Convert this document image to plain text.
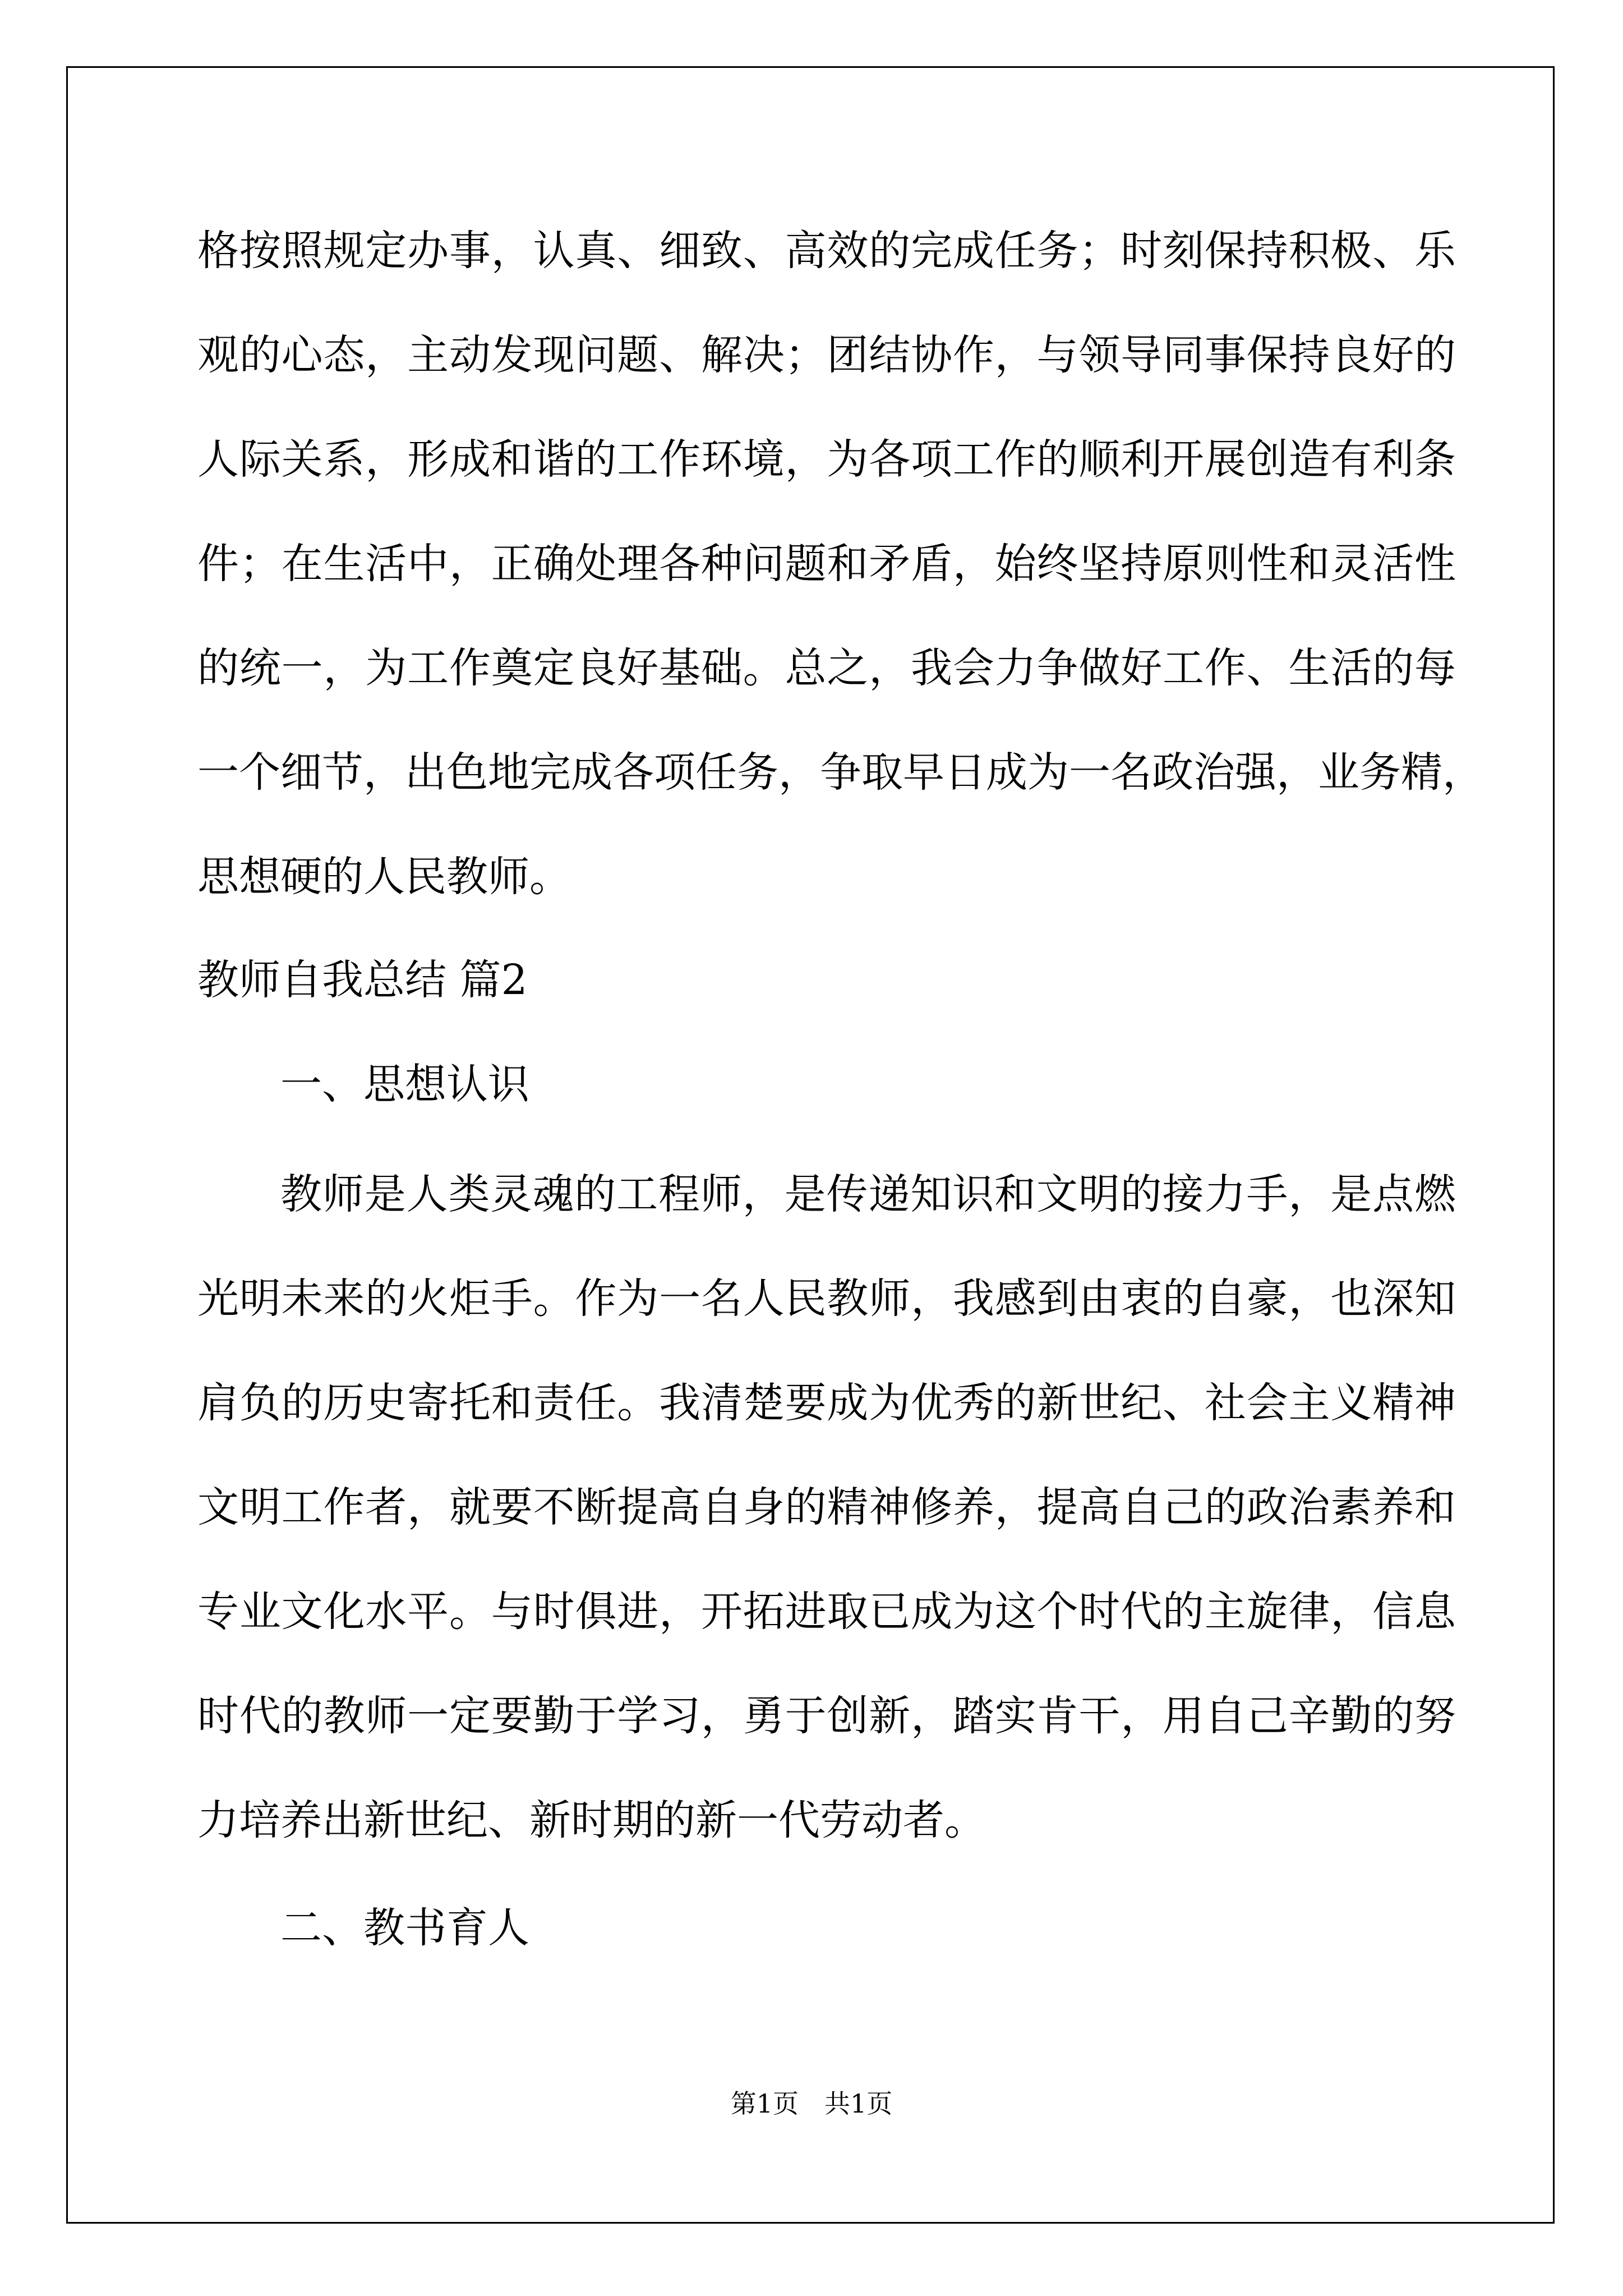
格按照规定办事，认真、细致、高效的完成任务；时刻保持积极、乐

观的心态，主动发现问题、解决；团结协作，与领导同事保持良好的

人际关系，形成和谐的工作环境，为各项工作的顺利开展创造有利条

件；在生活中，正确处理各种问题和矛盾，始终坚持原则性和灵活性

的统一，为工作奠定良好基础。总之，我会力争做好工作、生活的每

一个细节，出色地完成各项任务，争取早日成为一名政治强，业务精，

思想硬的人民教师。

教师自我总结 篇2

一、思想认识

教师是人类灵魂的工程师，是传递知识和文明的接力手，是点燃

光明未来的火炬手。作为一名人民教师，我感到由衷的自豪，也深知

肩负的历史寄托和责任。我清楚要成为优秀的新世纪、社会主义精神

文明工作者，就要不断提高自身的精神修养，提高自己的政治素养和

专业文化水平。与时俱进，开拓进取已成为这个时代的主旋律，信息

时代的教师一定要勤于学习，勇于创新，踏实肯干，用自己辛勤的努

力培养出新世纪、新时期的新一代劳动者。

二、教书育人

第1页 共1页
